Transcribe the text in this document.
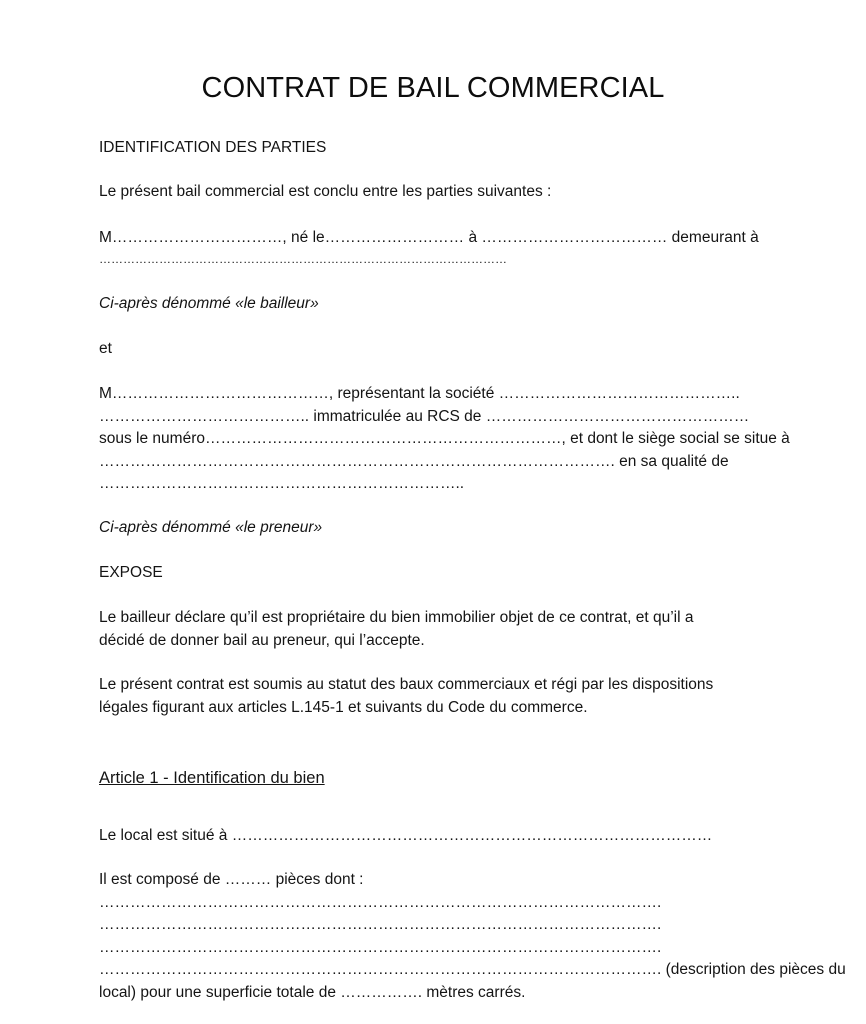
CONTRAT DE BAIL COMMERCIAL

IDENTIFICATION DES PARTIES

Le présent bail commercial est conclu entre les parties suivantes :

M……………………………, né le……………………… à ……………………………… demeurant à
…………………………………………………………………………………………

Ci-après dénommé «le bailleur»

et

M……………………………………, représentant la société ………………………………………..
………………………………….. immatriculée au RCS de ……………………………………………
sous le numéro……………………………………………………………, et dont le siège social se situe à
………………………………………………………………………………………. en sa qualité de
……………………………………………………………..

Ci-après dénommé «le preneur»

EXPOSE

Le bailleur déclare qu’il est propriétaire du bien immobilier objet de ce contrat, et qu’il a
décidé de donner bail au preneur, qui l’accepte.

Le présent contrat est soumis au statut des baux commerciaux et régi par les dispositions
légales figurant aux articles L.145-1 et suivants du Code du commerce.

Article 1 - Identification du bien

Le local est situé à …………………………………………………………………………………

Il est composé de ……… pièces dont :
……………………………………………………………………………………………….
……………………………………………………………………………………………….
……………………………………………………………………………………………….
………………………………………………………………………………………………. (description des pièces du
local) pour une superficie totale de ……………. mètres carrés.
